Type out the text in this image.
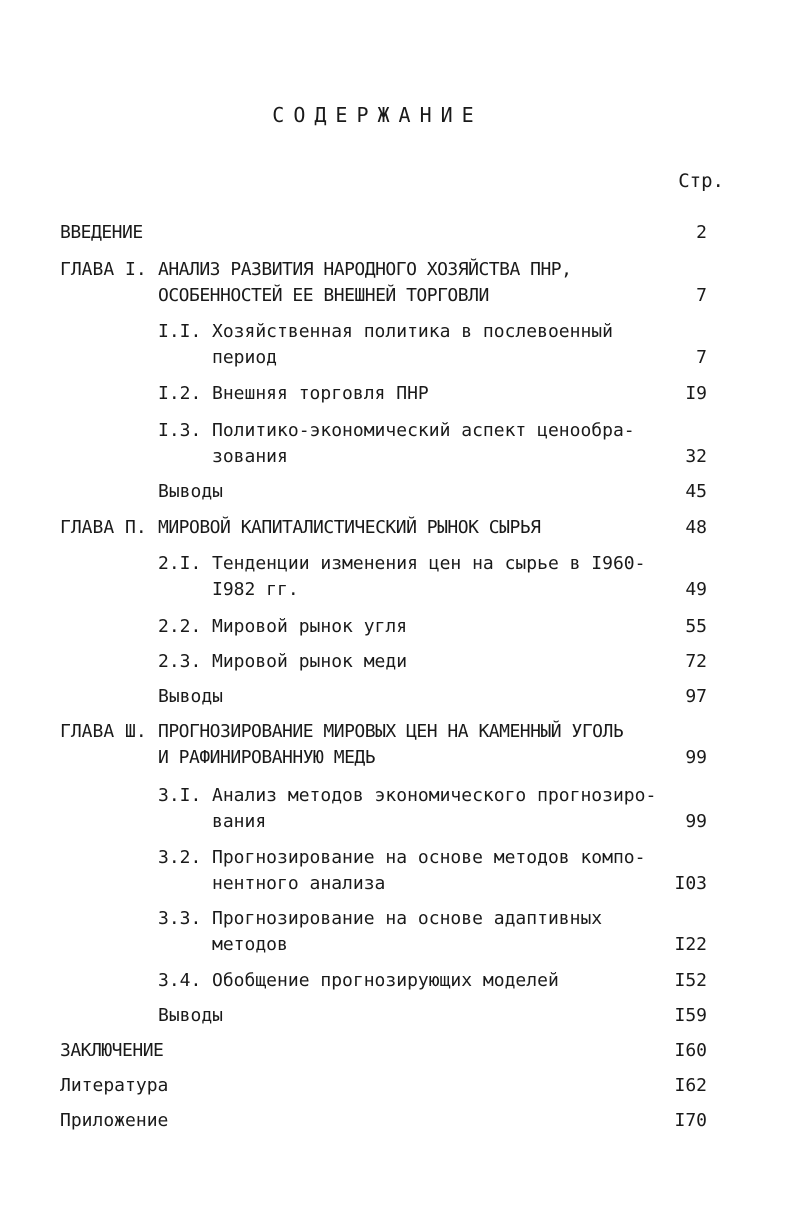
СОДЕРЖАНИЕ
Стр.
ВВЕДЕНИЕ	2
ГЛАВА I. АНАЛИЗ РАЗВИТИЯ НАРОДНОГО ХОЗЯЙСТВА ПНР,
ОСОБЕННОСТЕЙ ЕЕ ВНЕШНЕЙ ТОРГОВЛИ	7
I.I. Хозяйственная политика в послевоенный
период	7
I.2. Внешняя торговля ПНР	I9
I.3. Политико-экономический аспект ценообра-
зования	32
Выводы	45
ГЛАВА П. МИРОВОЙ КАПИТАЛИСТИЧЕСКИЙ РЫНОК СЫРЬЯ	48
2.I. Тенденции изменения цен на сырье в I960-
I982 гг.	49
2.2. Мировой рынок угля	55
2.3. Мировой рынок меди	72
Выводы	97
ГЛАВА Ш. ПРОГНОЗИРОВАНИЕ МИРОВЫХ ЦЕН НА КАМЕННЫЙ УГОЛЬ
И РАФИНИРОВАННУЮ МЕДЬ	99
3.I. Анализ методов экономического прогнозиро-
вания	99
3.2. Прогнозирование на основе методов компо-
нентного анализа	I03
3.3. Прогнозирование на основе адаптивных
методов	I22
3.4. Обобщение прогнозирующих моделей	I52
Выводы	I59
ЗАКЛЮЧЕНИЕ	I60
Литература	I62
Приложение	I70
